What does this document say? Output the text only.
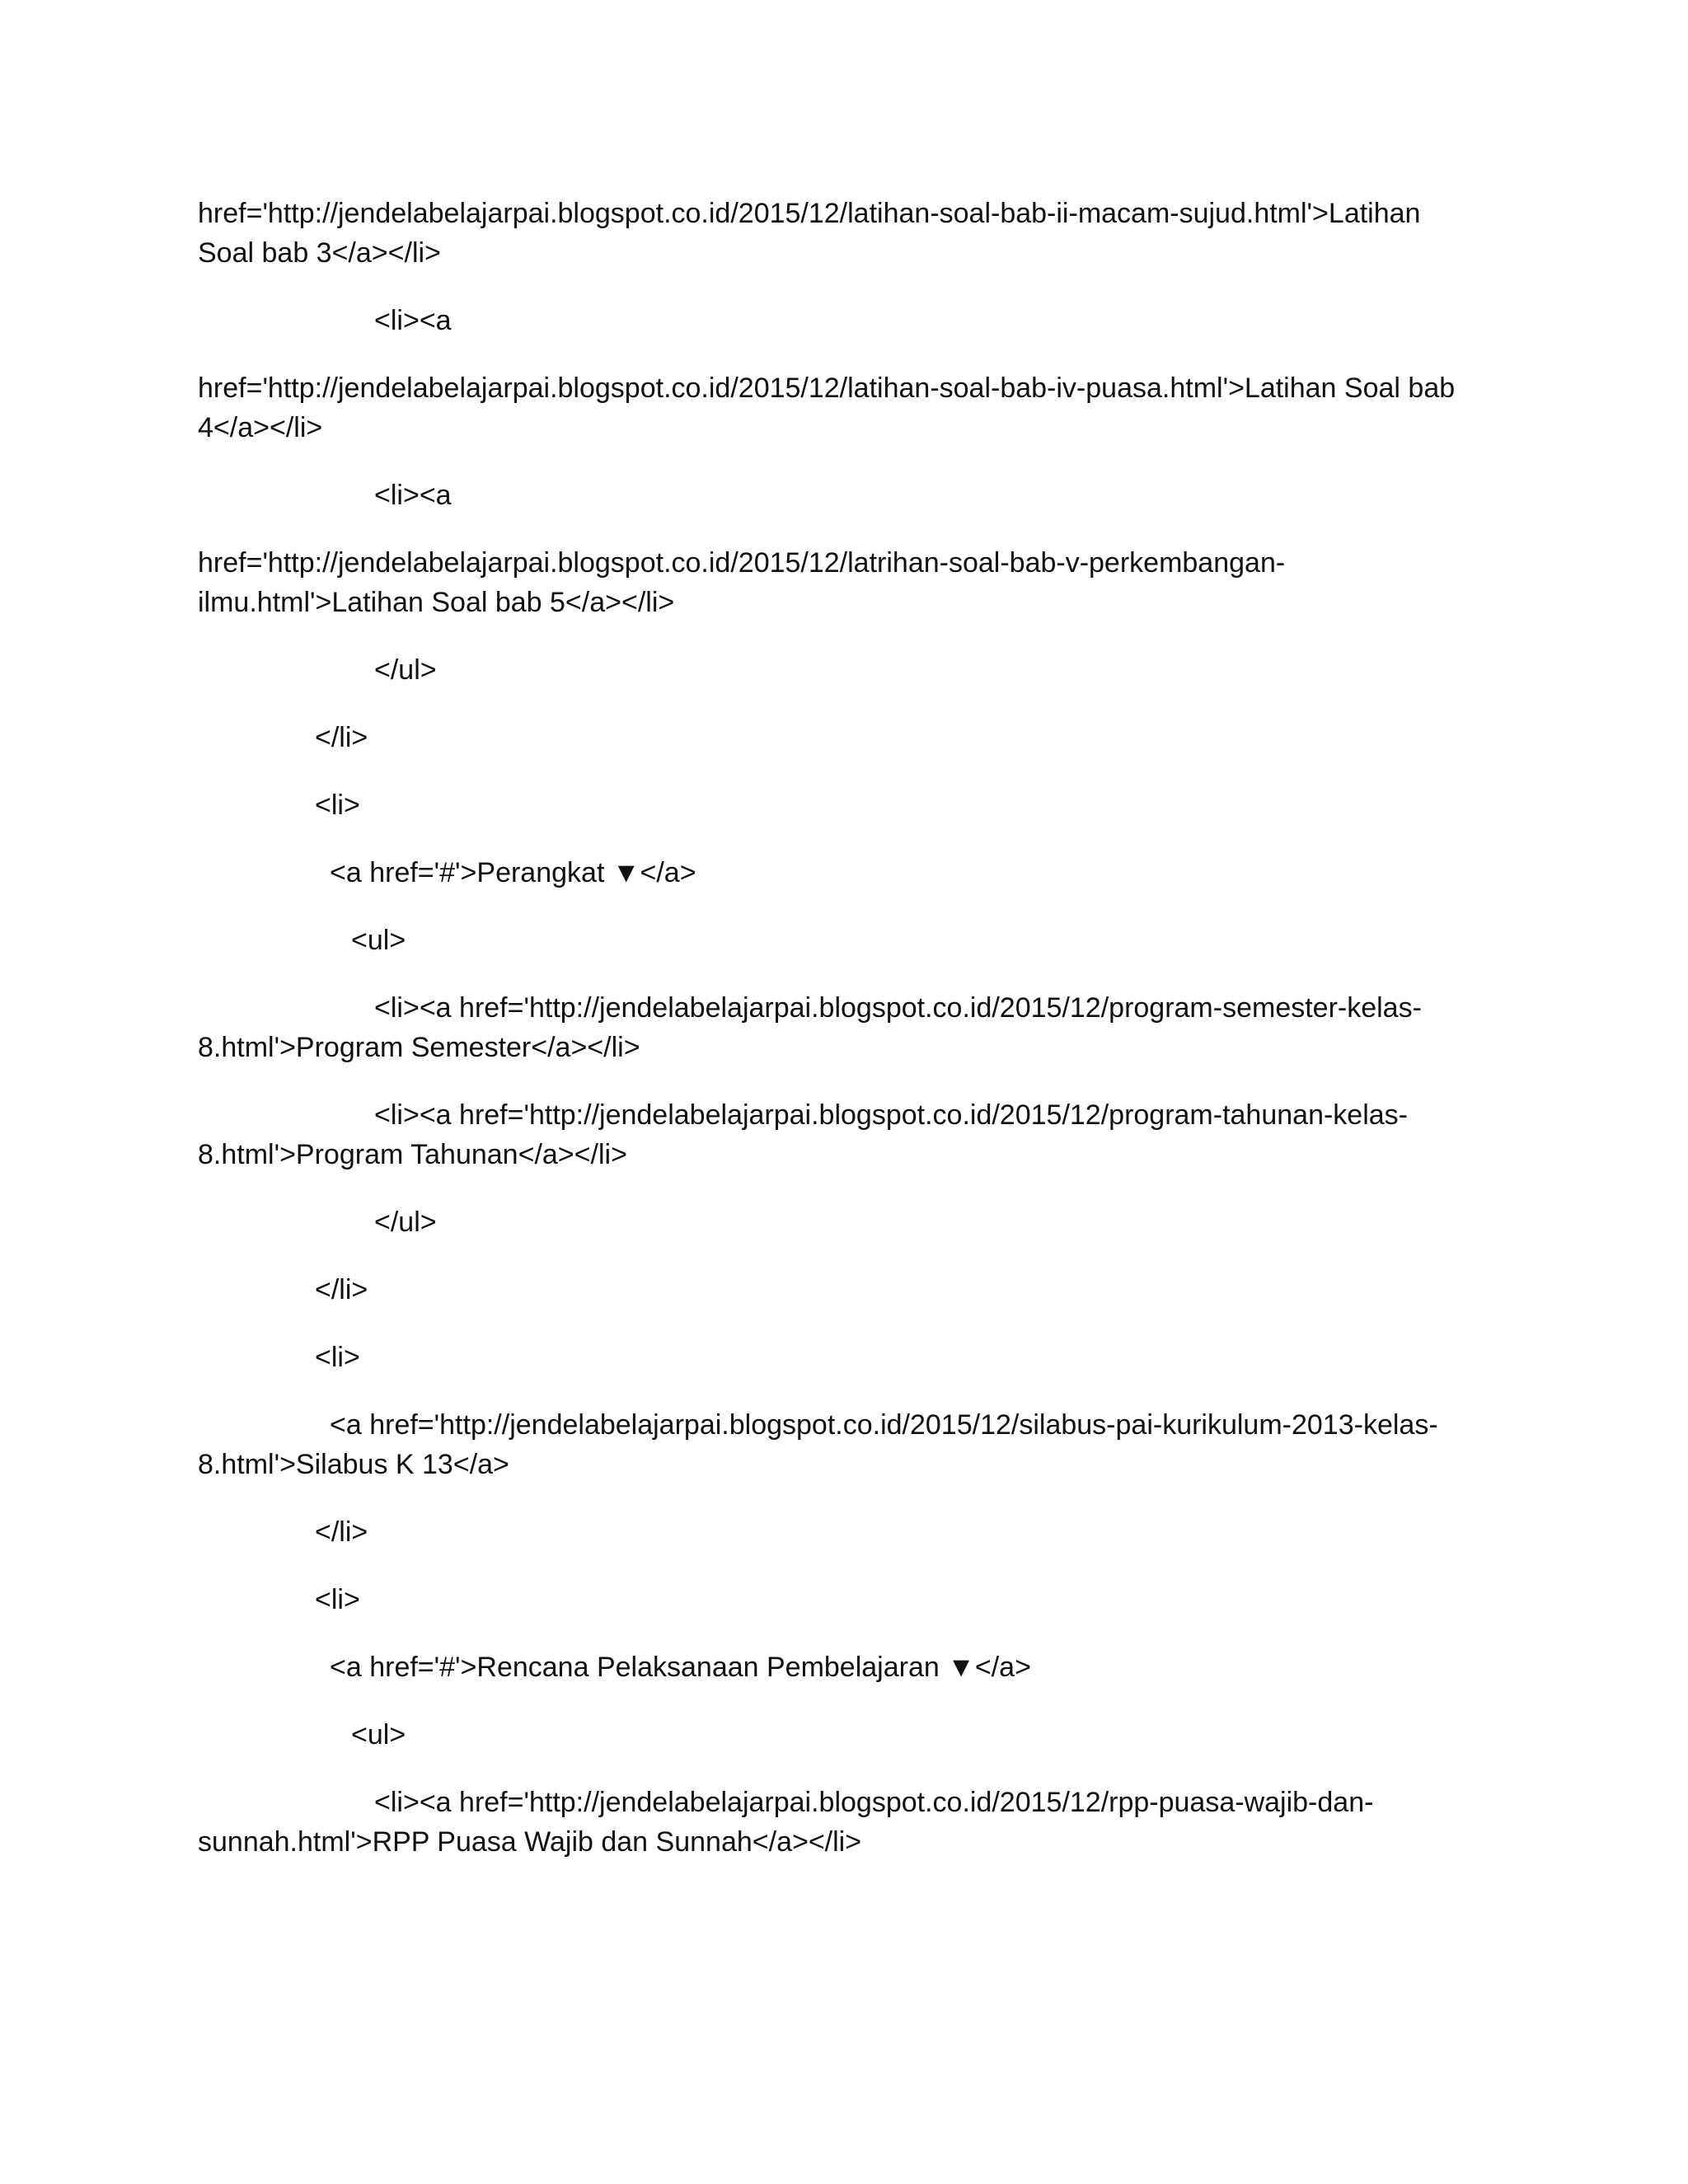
href='http://jendelabelajarpai.blogspot.co.id/2015/12/latihan-soal-bab-ii-macam-sujud.html'>Latihan Soal bab 3</a></li>

<li><a

href='http://jendelabelajarpai.blogspot.co.id/2015/12/latihan-soal-bab-iv-puasa.html'>Latihan Soal bab 4</a></li>

<li><a

href='http://jendelabelajarpai.blogspot.co.id/2015/12/latrihan-soal-bab-v-perkembangan-ilmu.html'>Latihan Soal bab 5</a></li>

</ul>

</li>

<li>

<a href='#'>Perangkat ▼</a>

<ul>

<li><a href='http://jendelabelajarpai.blogspot.co.id/2015/12/program-semester-kelas-8.html'>Program Semester</a></li>

<li><a href='http://jendelabelajarpai.blogspot.co.id/2015/12/program-tahunan-kelas-8.html'>Program Tahunan</a></li>

</ul>

</li>

<li>

<a href='http://jendelabelajarpai.blogspot.co.id/2015/12/silabus-pai-kurikulum-2013-kelas-8.html'>Silabus K 13</a>

</li>

<li>

<a href='#'>Rencana Pelaksanaan Pembelajaran ▼</a>

<ul>

<li><a href='http://jendelabelajarpai.blogspot.co.id/2015/12/rpp-puasa-wajib-dan-sunnah.html'>RPP Puasa Wajib dan Sunnah</a></li>
